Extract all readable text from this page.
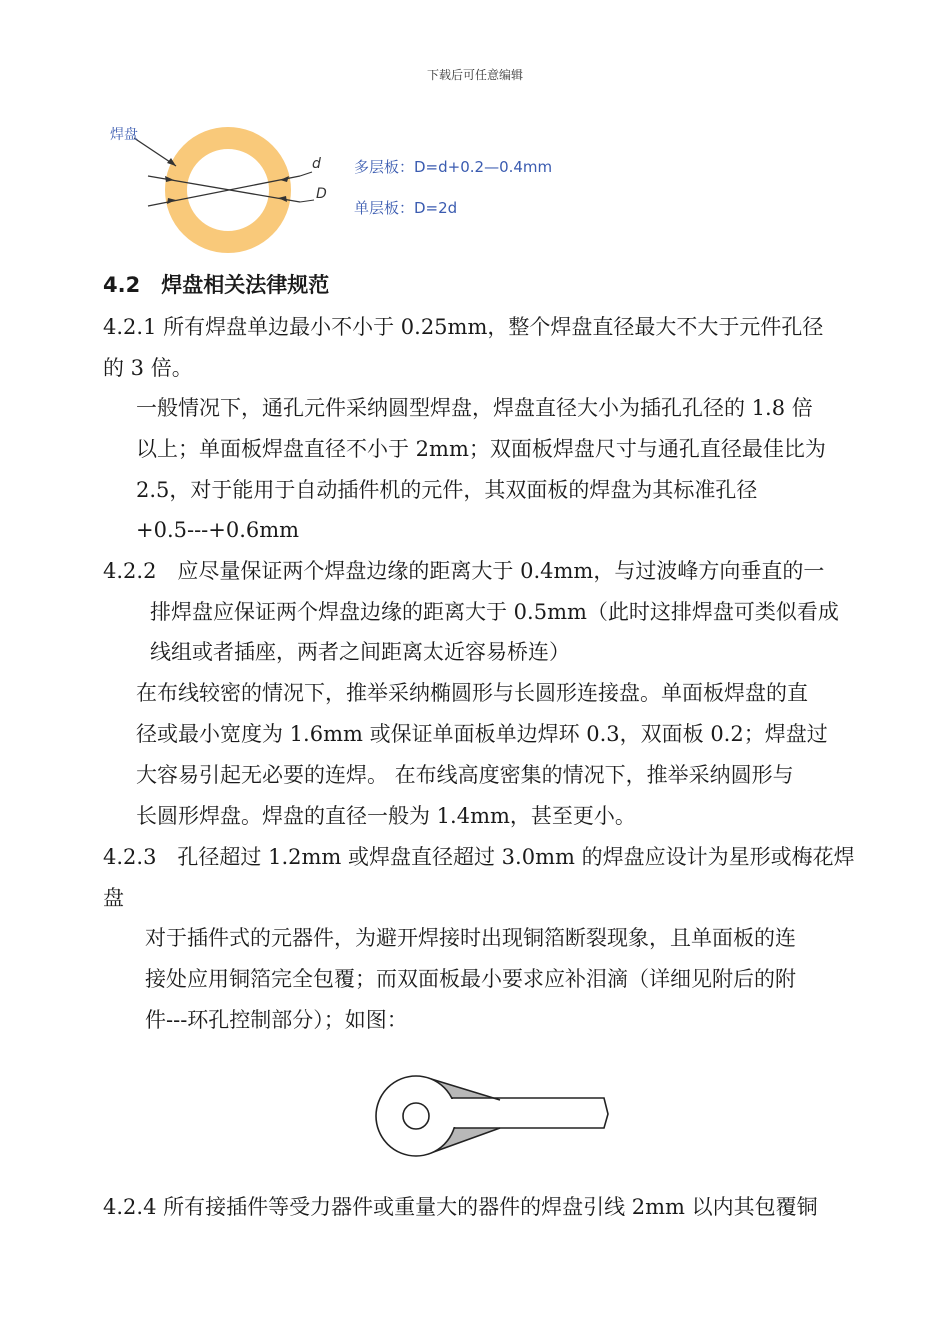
下载后可任意编辑
焊盘
d
D
多层板：D=d+0.2—0.4mm
单层板：D=2d
4.2　焊盘相关法律规范
4.2.1 所有焊盘单边最小不小于 0.25mm，整个焊盘直径最大不大于元件孔径
的 3 倍。
一般情况下，通孔元件采纳圆型焊盘，焊盘直径大小为插孔孔径的 1.8 倍
以上；单面板焊盘直径不小于 2mm；双面板焊盘尺寸与通孔直径最佳比为
2.5，对于能用于自动插件机的元件，其双面板的焊盘为其标准孔径
+0.5---+0.6mm
4.2.2　应尽量保证两个焊盘边缘的距离大于 0.4mm，与过波峰方向垂直的一
排焊盘应保证两个焊盘边缘的距离大于 0.5mm（此时这排焊盘可类似看成
线组或者插座，两者之间距离太近容易桥连）
在布线较密的情况下，推举采纳椭圆形与长圆形连接盘。单面板焊盘的直
径或最小宽度为 1.6mm 或保证单面板单边焊环 0.3，双面板 0.2；焊盘过
大容易引起无必要的连焊。 在布线高度密集的情况下，推举采纳圆形与
长圆形焊盘。焊盘的直径一般为 1.4mm，甚至更小。
4.2.3　孔径超过 1.2mm 或焊盘直径超过 3.0mm 的焊盘应设计为星形或梅花焊
盘
对于插件式的元器件，为避开焊接时出现铜箔断裂现象，且单面板的连
接处应用铜箔完全包覆；而双面板最小要求应补泪滴（详细见附后的附
件---环孔控制部分）；如图：
4.2.4 所有接插件等受力器件或重量大的器件的焊盘引线 2mm 以内其包覆铜
